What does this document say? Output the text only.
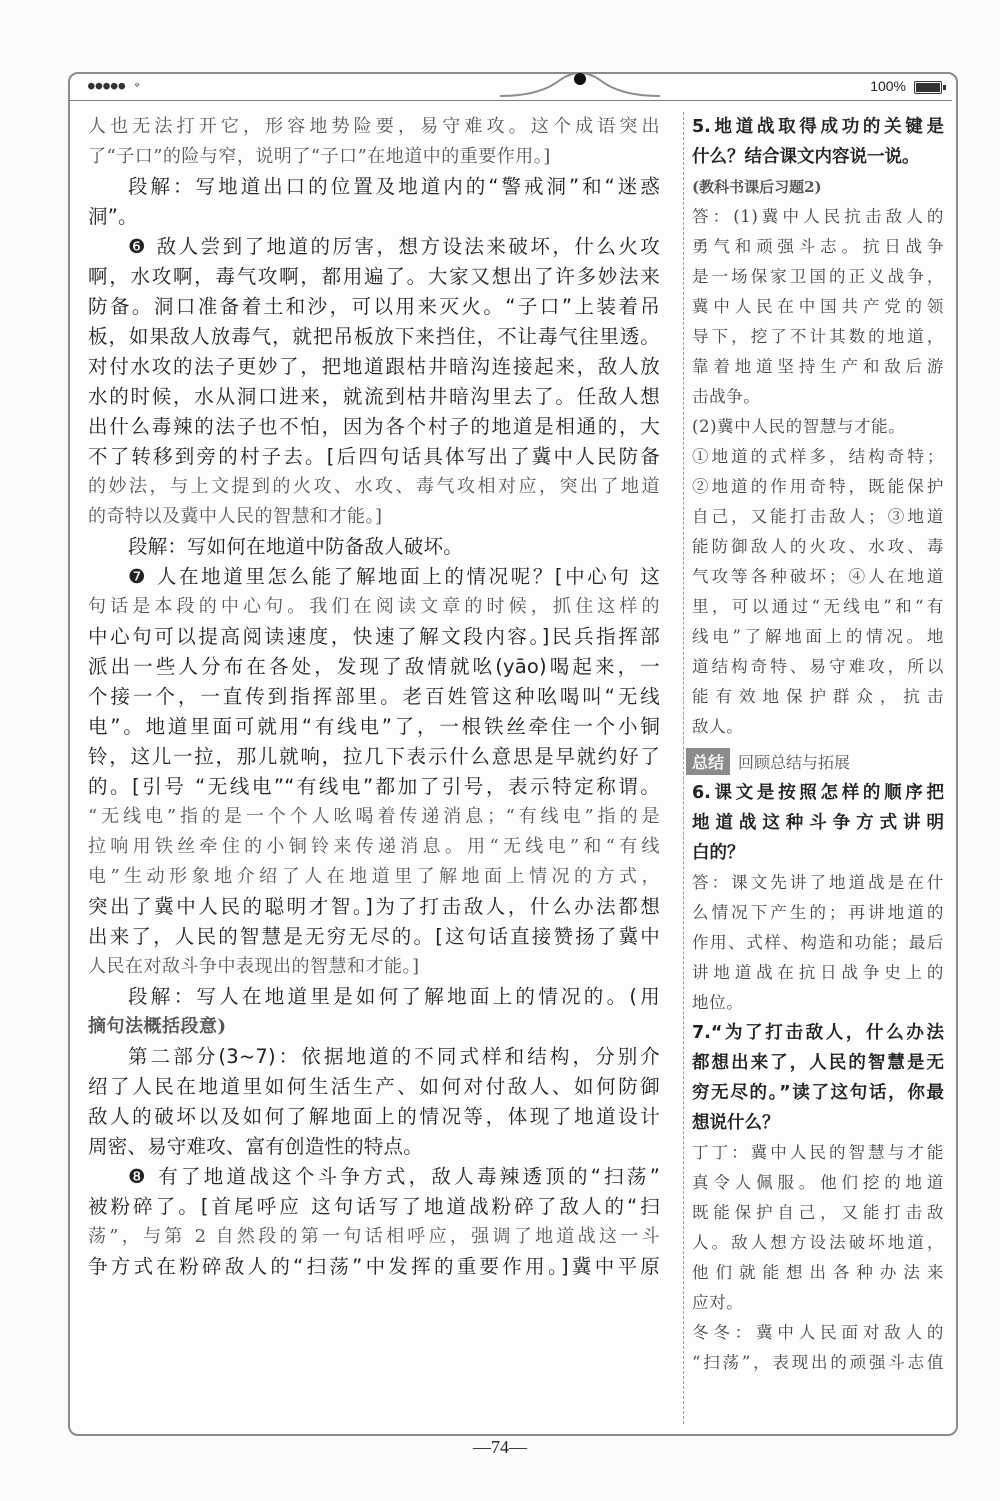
●●●●● ⌔	100%
人也无法打开它，形容地势险要，易守难攻。这个成语突出
了“子口”的险与窄，说明了“子口”在地道中的重要作用。]
段解：写地道出口的位置及地道内的“警戒洞”和“迷惑
洞”。
❻ 敌人尝到了地道的厉害，想方设法来破坏，什么火攻
啊，水攻啊，毒气攻啊，都用遍了。大家又想出了许多妙法来
防备。洞口准备着土和沙，可以用来灭火。“子口”上装着吊
板，如果敌人放毒气，就把吊板放下来挡住，不让毒气往里透。
对付水攻的法子更妙了，把地道跟枯井暗沟连接起来，敌人放
水的时候，水从洞口进来，就流到枯井暗沟里去了。任敌人想
出什么毒辣的法子也不怕，因为各个村子的地道是相通的，大
不了转移到旁的村子去。[后四句话具体写出了冀中人民防备
的妙法，与上文提到的火攻、水攻、毒气攻相对应，突出了地道
的奇特以及冀中人民的智慧和才能。]
段解：写如何在地道中防备敌人破坏。
❼ 人在地道里怎么能了解地面上的情况呢？[中心句 这
句话是本段的中心句。我们在阅读文章的时候，抓住这样的
中心句可以提高阅读速度，快速了解文段内容。]民兵指挥部
派出一些人分布在各处，发现了敌情就吆(yāo)喝起来，一
个接一个，一直传到指挥部里。老百姓管这种吆喝叫“无线
电”。地道里面可就用“有线电”了，一根铁丝牵住一个小铜
铃，这儿一拉，那儿就响，拉几下表示什么意思是早就约好了
的。[引号 “无线电”“有线电”都加了引号，表示特定称谓。
“无线电”指的是一个个人吆喝着传递消息；“有线电”指的是
拉响用铁丝牵住的小铜铃来传递消息。用“无线电”和“有线
电”生动形象地介绍了人在地道里了解地面上情况的方式，
突出了冀中人民的聪明才智。]为了打击敌人，什么办法都想
出来了，人民的智慧是无穷无尽的。[这句话直接赞扬了冀中
人民在对敌斗争中表现出的智慧和才能。]
段解：写人在地道里是如何了解地面上的情况的。(用
摘句法概括段意)
第二部分(3~7)：依据地道的不同式样和结构，分别介
绍了人民在地道里如何生活生产、如何对付敌人、如何防御
敌人的破坏以及如何了解地面上的情况等，体现了地道设计
周密、易守难攻、富有创造性的特点。
❽ 有了地道战这个斗争方式，敌人毒辣透顶的“扫荡”
被粉碎了。[首尾呼应 这句话写了地道战粉碎了敌人的“扫
荡”，与第 2 自然段的第一句话相呼应，强调了地道战这一斗
争方式在粉碎敌人的“扫荡”中发挥的重要作用。]冀中平原
5.地道战取得成功的关键是
什么？结合课文内容说一说。
(教科书课后习题2)
答：(1)冀中人民抗击敌人的
勇气和顽强斗志。抗日战争
是一场保家卫国的正义战争，
冀中人民在中国共产党的领
导下，挖了不计其数的地道，
靠着地道坚持生产和敌后游
击战争。
(2)冀中人民的智慧与才能。
①地道的式样多，结构奇特；
②地道的作用奇特，既能保护
自己，又能打击敌人；③地道
能防御敌人的火攻、水攻、毒
气攻等各种破坏；④人在地道
里，可以通过“无线电”和“有
线电”了解地面上的情况。地
道结构奇特、易守难攻，所以
能有效地保护群众，抗击
敌人。
总结 回顾总结与拓展
6.课文是按照怎样的顺序把
地道战这种斗争方式讲明
白的？
答：课文先讲了地道战是在什
么情况下产生的；再讲地道的
作用、式样、构造和功能；最后
讲地道战在抗日战争史上的
地位。
7.“为了打击敌人，什么办法
都想出来了，人民的智慧是无
穷无尽的。”读了这句话，你最
想说什么？
丁丁：冀中人民的智慧与才能
真令人佩服。他们挖的地道
既能保护自己，又能打击敌
人。敌人想方设法破坏地道，
他们就能想出各种办法来
应对。
冬冬：冀中人民面对敌人的
“扫荡”，表现出的顽强斗志值
—74—
